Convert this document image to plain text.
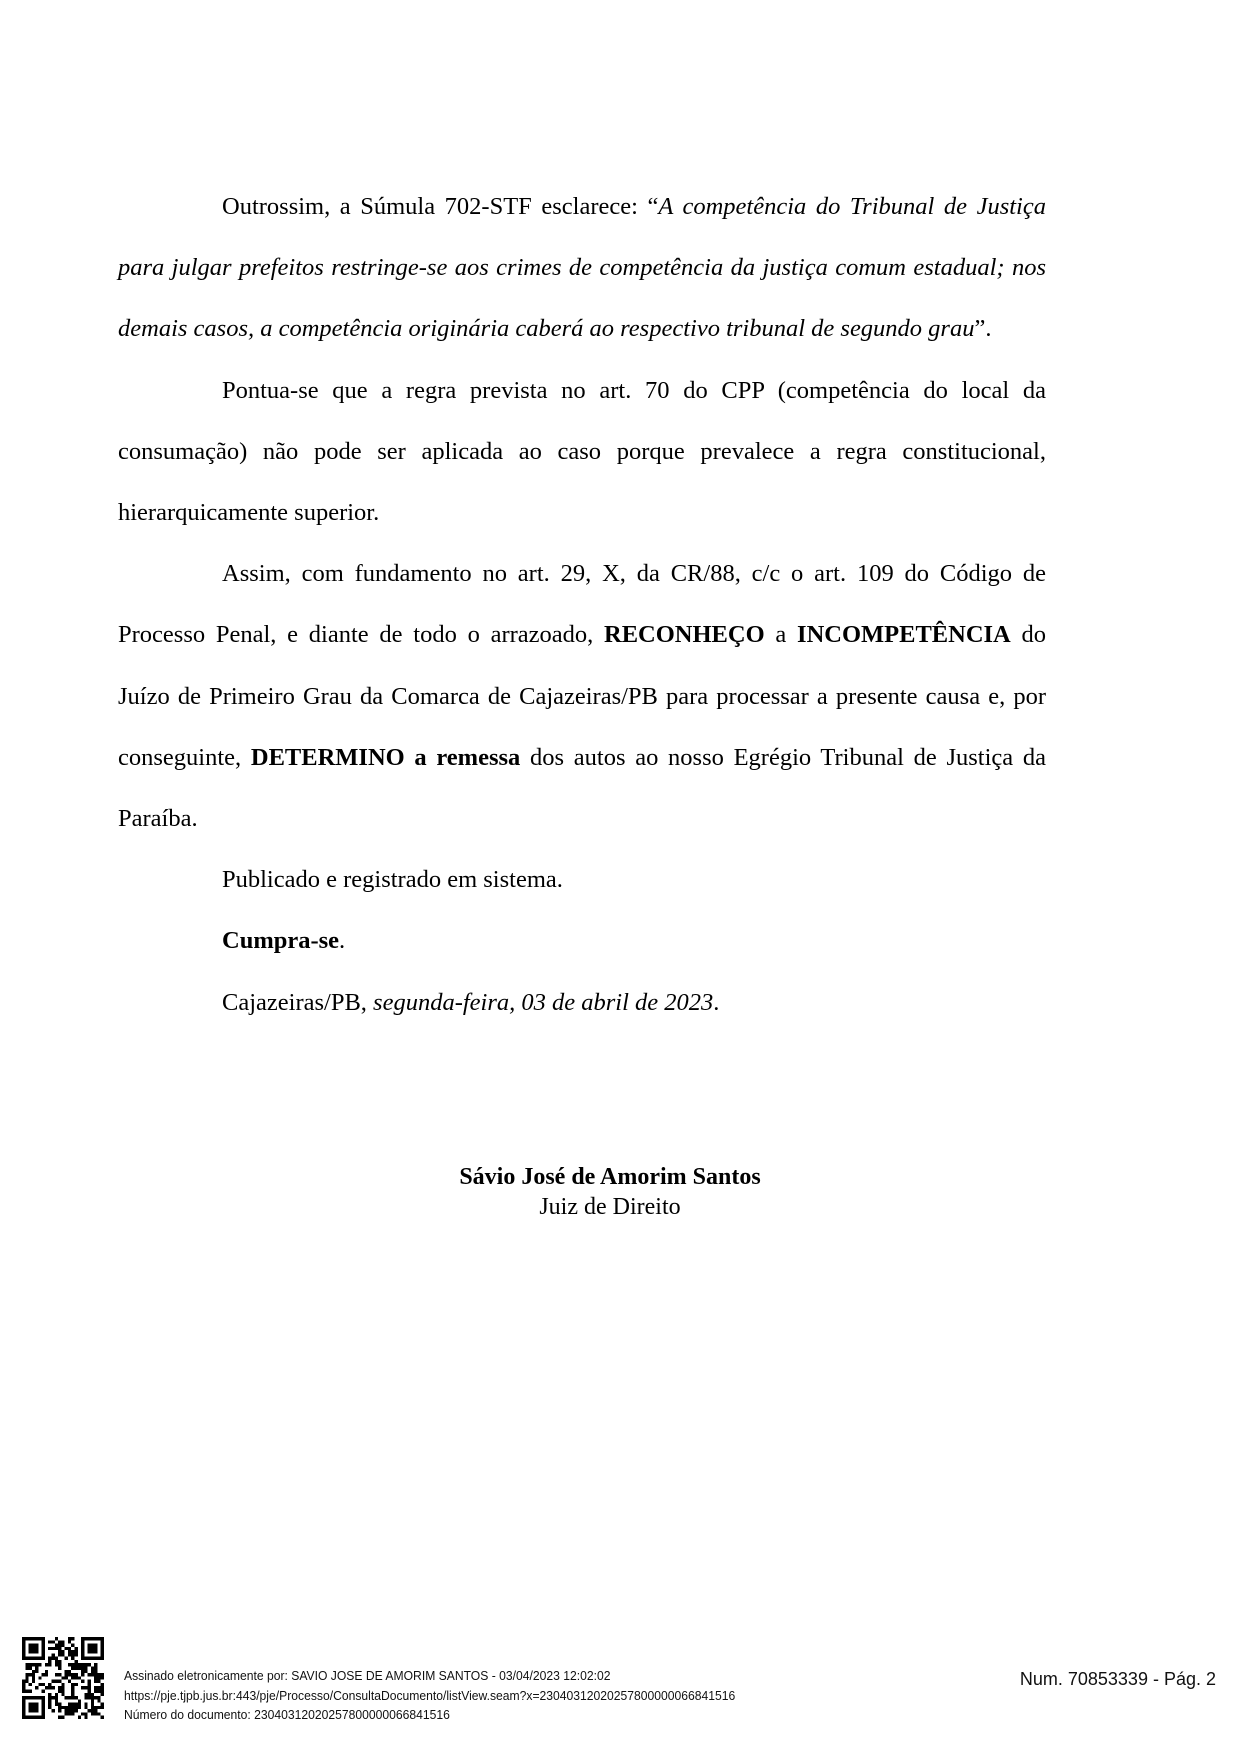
Outrossim, a Súmula 702-STF esclarece: “A competência do Tribunal de Justiça para julgar prefeitos restringe-se aos crimes de competência da justiça comum estadual; nos demais casos, a competência originária caberá ao respectivo tribunal de segundo grau”.

Pontua-se que a regra prevista no art. 70 do CPP (competência do local da consumação) não pode ser aplicada ao caso porque prevalece a regra constitucional, hierarquicamente superior.

Assim, com fundamento no art. 29, X, da CR/88, c/c o art. 109 do Código de Processo Penal, e diante de todo o arrazoado, RECONHEÇO a INCOMPETÊNCIA do Juízo de Primeiro Grau da Comarca de Cajazeiras/PB para processar a presente causa e, por conseguinte, DETERMINO a remessa dos autos ao nosso Egrégio Tribunal de Justiça da Paraíba.

Publicado e registrado em sistema.

Cumpra-se.

Cajazeiras/PB, segunda-feira, 03 de abril de 2023.

Sávio José de Amorim Santos
Juiz de Direito
Assinado eletronicamente por: SAVIO JOSE DE AMORIM SANTOS - 03/04/2023 12:02:02
https://pje.tjpb.jus.br:443/pje/Processo/ConsultaDocumento/listView.seam?x=23040312020257800000066841516
Número do documento: 23040312020257800000066841516
Num. 70853339 - Pág. 2
